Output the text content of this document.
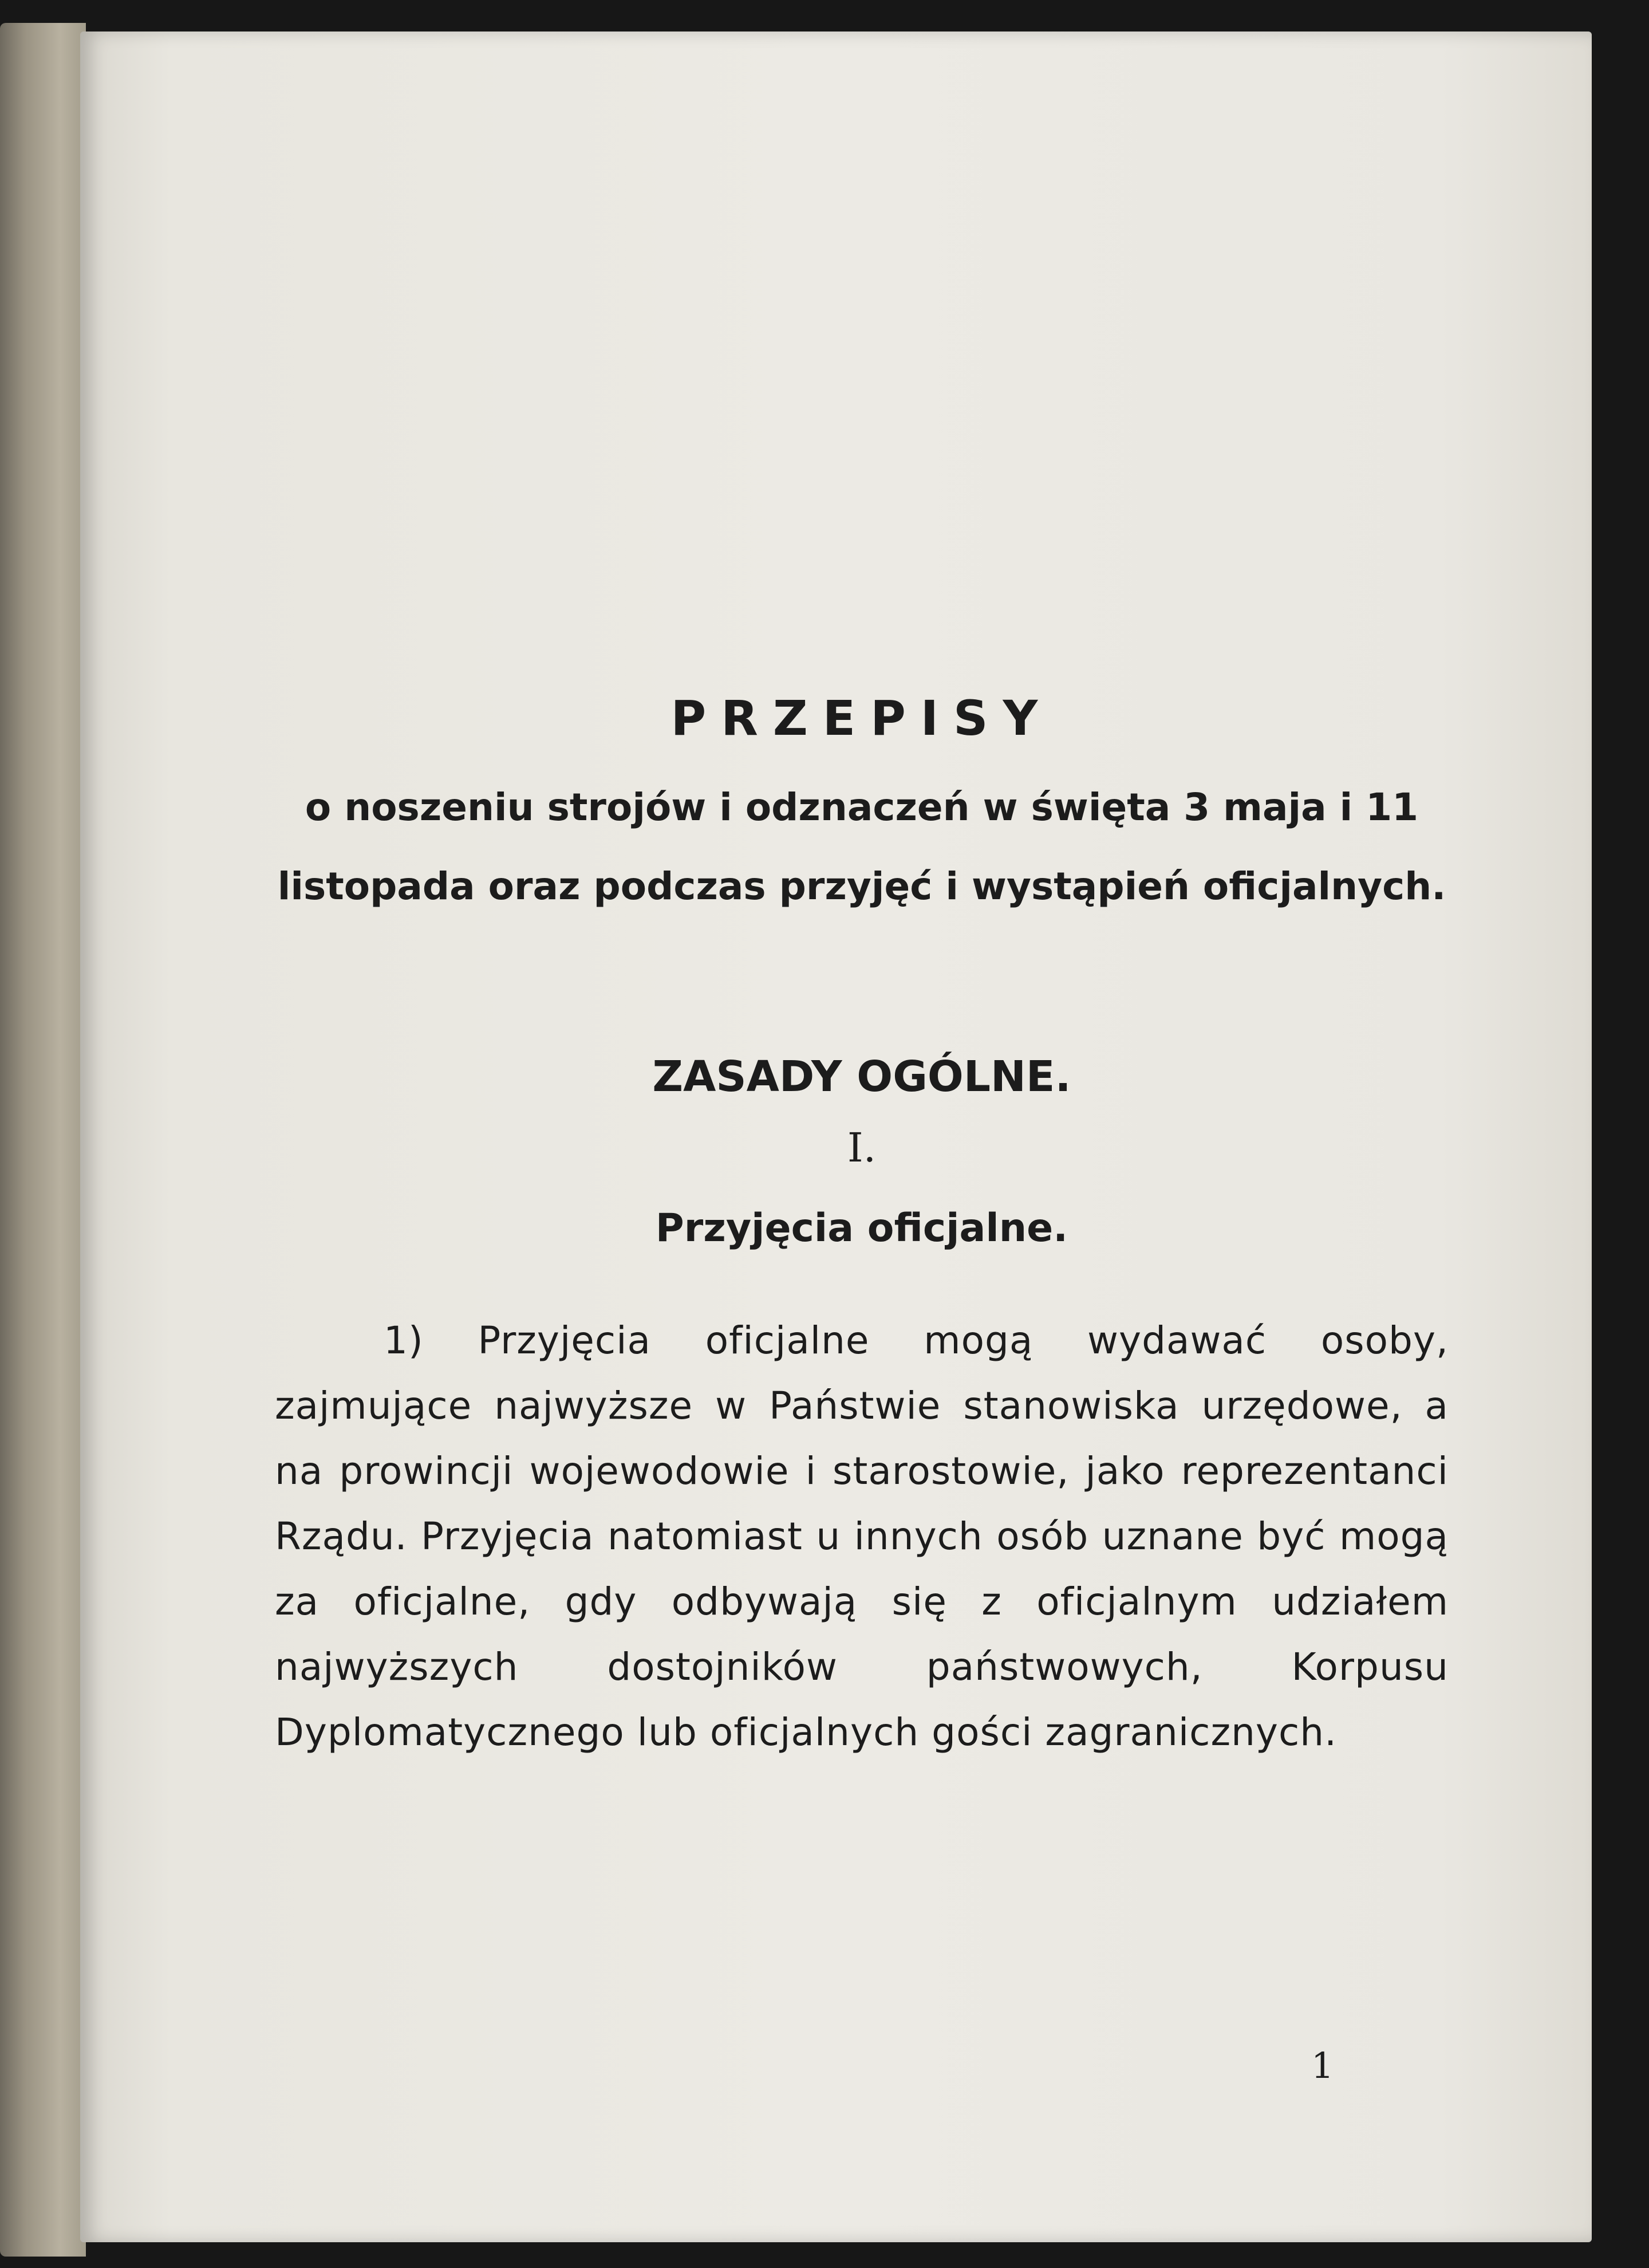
PRZEPISY
o noszeniu strojów i odznaczeń w święta 3 maja i 11 listopada oraz podczas przyjęć i wystąpień oficjalnych.
ZASADY OGÓLNE.
I.
Przyjęcia oficjalne.

1) Przyjęcia oficjalne mogą wydawać osoby, zajmujące najwyższe w Państwie stanowiska urzędowe, a na prowincji wojewodowie i starostowie, jako reprezentanci Rządu. Przyjęcia natomiast u innych osób uznane być mogą za oficjalne, gdy odbywają się z oficjalnym udziałem najwyższych dostojników państwowych, Korpusu Dyplomatycznego lub oficjalnych gości zagranicznych.

1
